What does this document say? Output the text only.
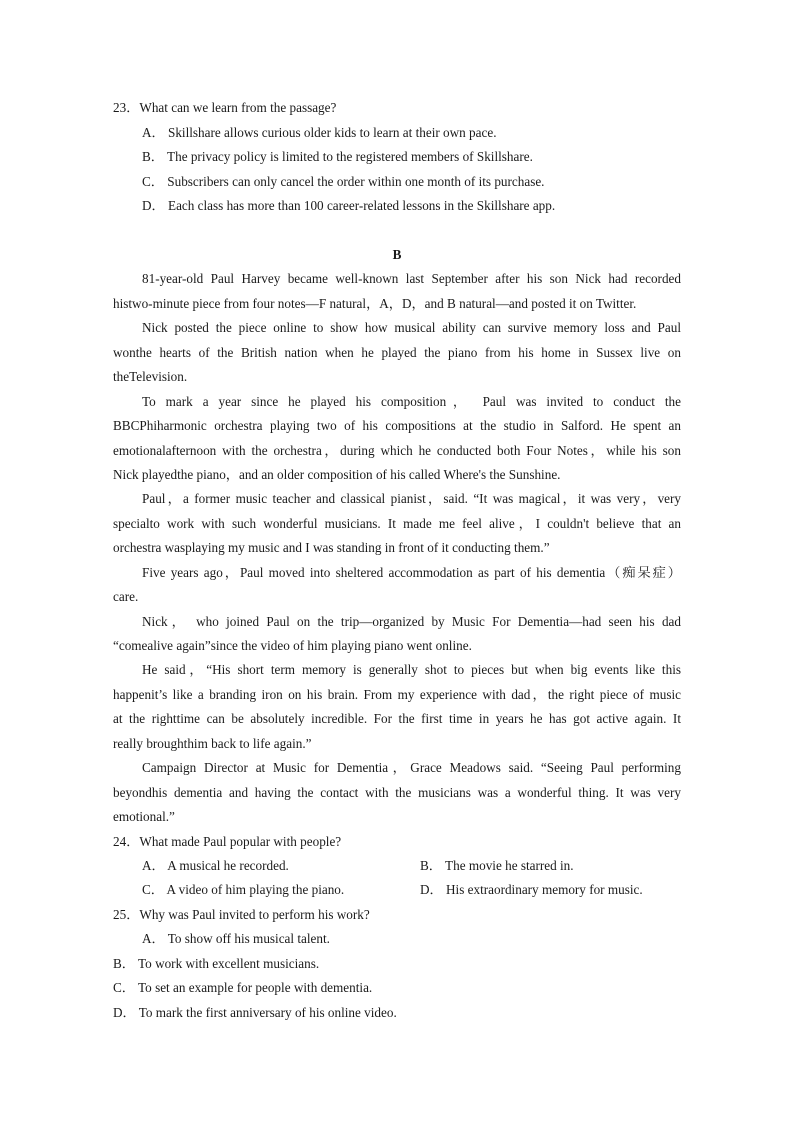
23．What can we learn from the passage?
A． Skillshare allows curious older kids to learn at their own pace.
B． The privacy policy is limited to the registered members of Skillshare.
C． Subscribers can only cancel the order within one month of its purchase.
D． Each class has more than 100 career-related lessons in the Skillshare app.
B
81-year-old Paul Harvey became well-known last September after his son Nick had recorded
histwo-minute piece from four notes—F natural，A，D，and B natural—and posted it on Twitter.
Nick posted the piece online to show how musical ability can survive memory loss and Paul
wonthe hearts of the British nation when he played the piano from his home in Sussex live on
theTelevision.
To mark a year since he played his composition， Paul was invited to conduct the
BBCPhiharmonic orchestra playing two of his compositions at the studio in Salford. He spent an
emotionalafternoon with the orchestra，during which he conducted both Four Notes，while his son
Nick playedthe piano，and an older composition of his called Where's the Sunshine.
Paul，a former music teacher and classical pianist，said. “It was magical，it was very，very
specialto work with such wonderful musicians. It made me feel alive，I couldn't believe that an
orchestra wasplaying my music and I was standing in front of it conducting them.”
Five years ago，Paul moved into sheltered accommodation as part of his dementia（痴呆症）
care.
Nick， who joined Paul on the trip—organized by Music For Dementia—had seen his dad
“comealive again”since the video of him playing piano went online.
He said，“His short term memory is generally shot to pieces but when big events like this
happenit’s like a branding iron on his brain. From my experience with dad，the right piece of music
at the righttime can be absolutely incredible. For the first time in years he has got active again. It
really broughthim back to life again.”
Campaign Director at Music for Dementia，Grace Meadows said. “Seeing Paul performing
beyondhis dementia and having the contact with the musicians was a wonderful thing. It was very
emotional.”
24．What made Paul popular with people?
A． A musical he recorded.	B． The movie he starred in.
C． A video of him playing the piano.	D． His extraordinary memory for music.
25．Why was Paul invited to perform his work?
A． To show off his musical talent.
B． To work with excellent musicians.
C． To set an example for people with dementia.
D． To mark the first anniversary of his online video.
